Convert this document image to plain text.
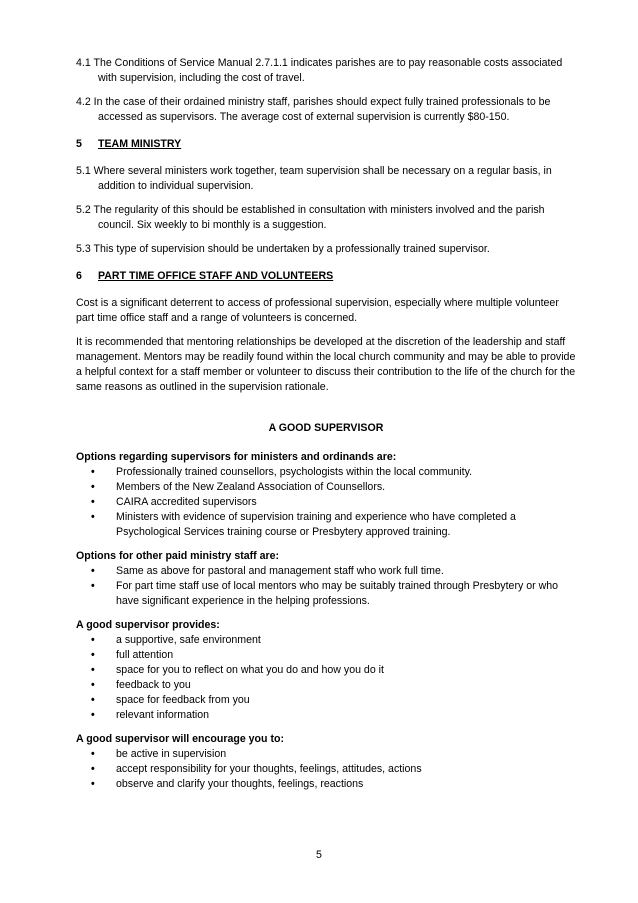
4.1 The Conditions of Service Manual 2.7.1.1 indicates parishes are to pay reasonable costs associated with supervision, including the cost of travel.

4.2 In the case of their ordained ministry staff, parishes should expect fully trained professionals to be accessed as supervisors. The average cost of external supervision is currently $80-150.

5 TEAM MINISTRY

5.1 Where several ministers work together, team supervision shall be necessary on a regular basis, in addition to individual supervision.

5.2 The regularity of this should be established in consultation with ministers involved and the parish council. Six weekly to bi monthly is a suggestion.

5.3 This type of supervision should be undertaken by a professionally trained supervisor.

6 PART TIME OFFICE STAFF AND VOLUNTEERS

Cost is a significant deterrent to access of professional supervision, especially where multiple volunteer part time office staff and a range of volunteers is concerned.

It is recommended that mentoring relationships be developed at the discretion of the leadership and staff management. Mentors may be readily found within the local church community and may be able to provide a helpful context for a staff member or volunteer to discuss their contribution to the life of the church for the same reasons as outlined in the supervision rationale.

A GOOD SUPERVISOR

Options regarding supervisors for ministers and ordinands are:

• Professionally trained counsellors, psychologists within the local community.
• Members of the New Zealand Association of Counsellors.
• CAIRA accredited supervisors
• Ministers with evidence of supervision training and experience who have completed a Psychological Services training course or Presbytery approved training.

Options for other paid ministry staff are:

• Same as above for pastoral and management staff who work full time.
• For part time staff use of local mentors who may be suitably trained through Presbytery or who have significant experience in the helping professions.

A good supervisor provides:

• a supportive, safe environment
• full attention
• space for you to reflect on what you do and how you do it
• feedback to you
• space for feedback from you
• relevant information

A good supervisor will encourage you to:

• be active in supervision
• accept responsibility for your thoughts, feelings, attitudes, actions
• observe and clarify your thoughts, feelings, reactions
5
